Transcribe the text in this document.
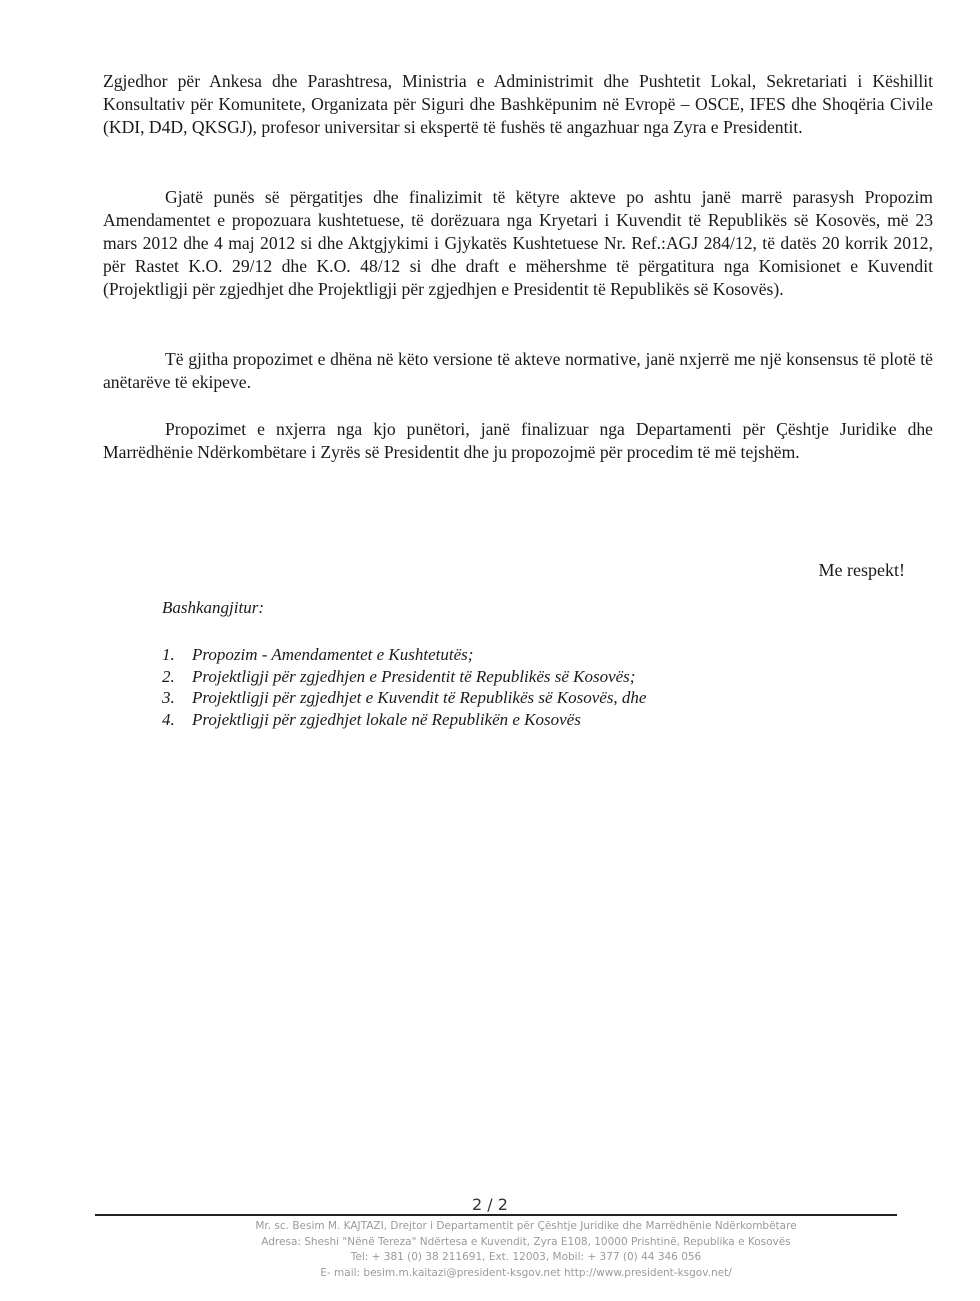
Zgjedhor për Ankesa dhe Parashtresa, Ministria e Administrimit dhe Pushtetit Lokal, Sekretariati i Këshillit Konsultativ për Komunitete, Organizata për Siguri dhe Bashkëpunim në Evropë – OSCE, IFES dhe Shoqëria Civile (KDI, D4D, QKSGJ), profesor universitar si ekspertë të fushës të angazhuar nga Zyra e Presidentit.

Gjatë punës së përgatitjes dhe finalizimit të këtyre akteve po ashtu janë marrë parasysh Propozim Amendamentet e propozuara kushtetuese, të dorëzuara nga Kryetari i Kuvendit të Republikës së Kosovës, më 23 mars 2012 dhe 4 maj 2012 si dhe Aktgjykimi i Gjykatës Kushtetuese Nr. Ref.:AGJ 284/12, të datës 20 korrik 2012, për Rastet K.O. 29/12 dhe K.O. 48/12 si dhe draft e mëhershme të përgatitura nga Komisionet e Kuvendit (Projektligji për zgjedhjet dhe Projektligji për zgjedhjen e Presidentit të Republikës së Kosovës).

Të gjitha propozimet e dhëna në këto versione të akteve normative, janë nxjerrë me një konsensus të plotë të anëtarëve të ekipeve.

Propozimet e nxjerra nga kjo punëtori, janë finalizuar nga Departamenti për Çështje Juridike dhe Marrëdhënie Ndërkombëtare i Zyrës së Presidentit dhe ju propozojmë për procedim të më tejshëm.

Me respekt!

Bashkangjitur:

1.	Propozim - Amendamentet e Kushtetutës;
2.	Projektligji për zgjedhjen e Presidentit të Republikës së Kosovës;
3.	Projektligji për zgjedhjet e Kuvendit të Republikës së Kosovës, dhe
4.	Projektligji për zgjedhjet lokale në Republikën e Kosovës
2 / 2
Mr. sc. Besim M. KAJTAZI, Drejtor i Departamentit për Çështje Juridike dhe Marrëdhënie Ndërkombëtare
Adresa: Sheshi "Nënë Tereza" Ndërtesa e Kuvendit, Zyra E108, 10000 Prishtinë, Republika e Kosovës
Tel: + 381 (0) 38 211691, Ext. 12003, Mobil: + 377 (0) 44 346 056
E- mail: besim.m.kaitazi@president-ksgov.net http://www.president-ksgov.net/
